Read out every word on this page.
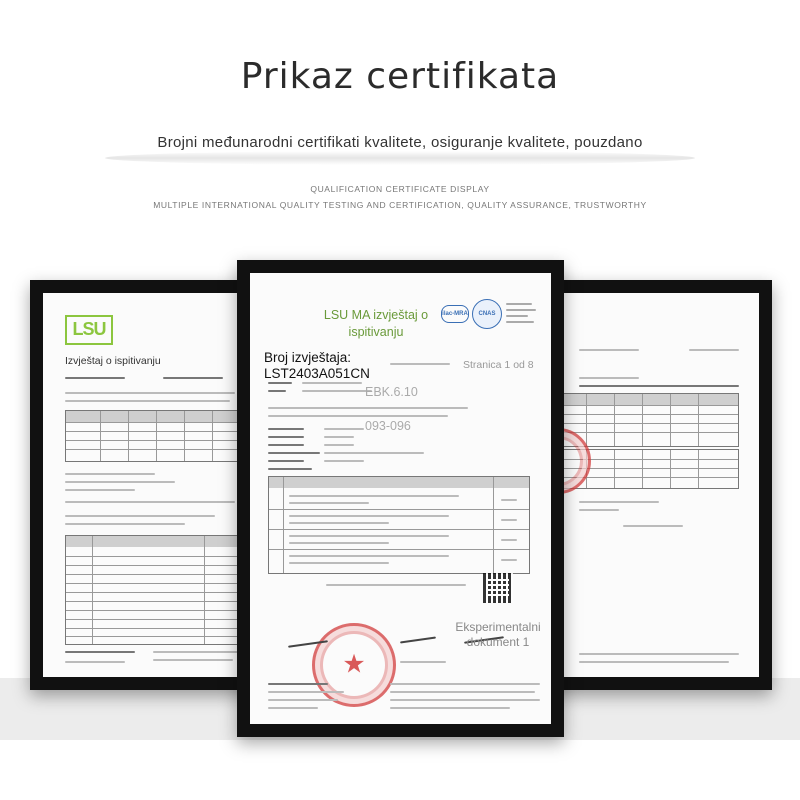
Prikaz certifikata
Brojni međunarodni certifikati kvalitete, osiguranje kvalitete, pouzdano
QUALIFICATION CERTIFICATE DISPLAY
MULTIPLE INTERNATIONAL QUALITY TESTING AND CERTIFICATION, QUALITY ASSURANCE, TRUSTWORTHY
LSU
Izvještaj o ispitivanju
LSU MA izvještaj o ispitivanju
ilac-MRA	CNAS
Broj izvještaja:
LST2403A051CN
Stranica 1 od 8
EBK.6.10
093-096
★
Eksperimentalni dokument 1
